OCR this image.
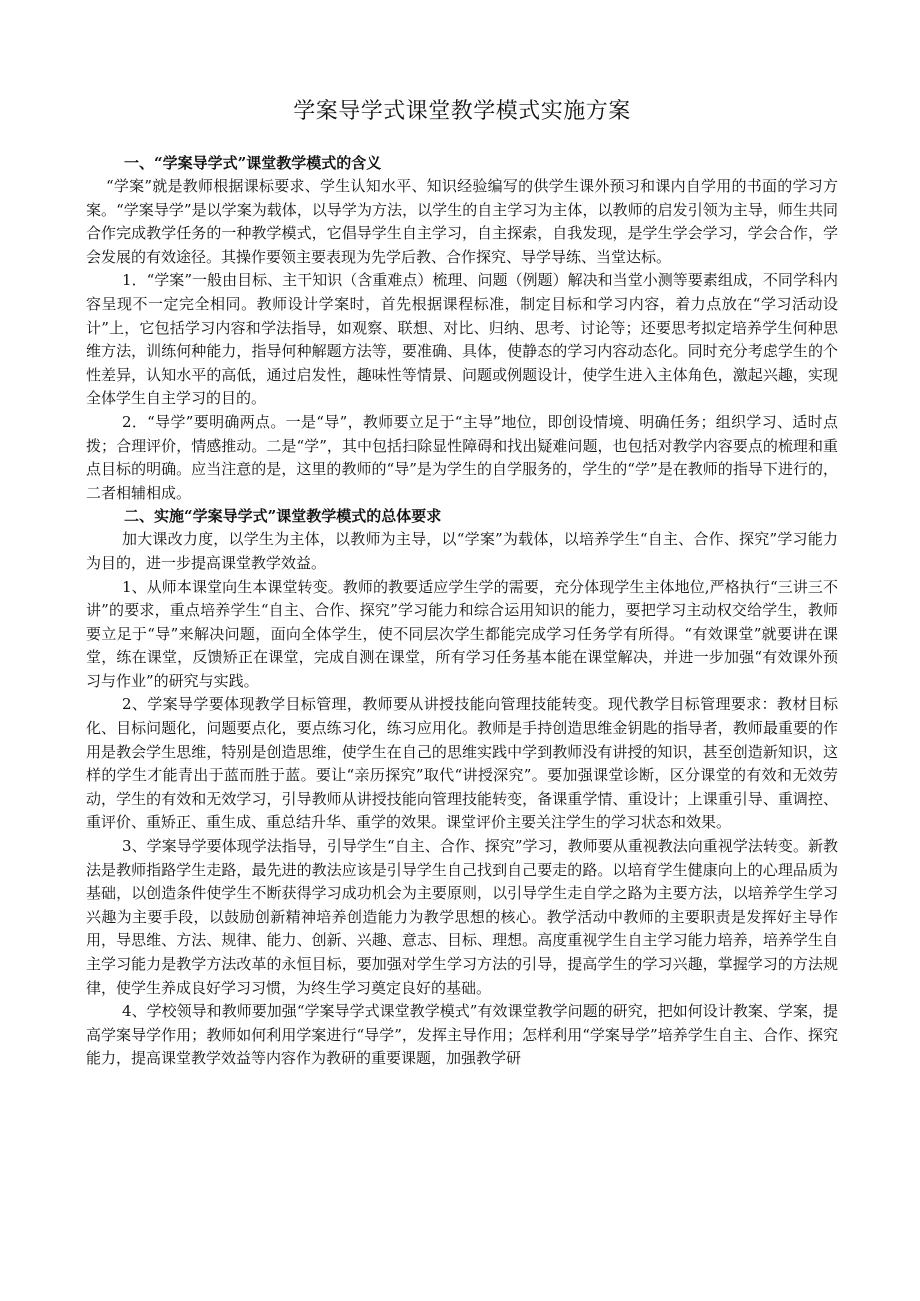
学案导学式课堂教学模式实施方案
一、“学案导学式”课堂教学模式的含义

“学案”就是教师根据课标要求、学生认知水平、知识经验编写的供学生课外预习和课内自学用的书面的学习方案。“学案导学”是以学案为载体，以导学为方法，以学生的自主学习为主体，以教师的启发引领为主导，师生共同合作完成教学任务的一种教学模式，它倡导学生自主学习，自主探索，自我发现，是学生学会学习，学会合作，学会发展的有效途径。其操作要领主要表现为先学后教、合作探究、导学导练、当堂达标。

1．“学案”一般由目标、主干知识（含重难点）梳理、问题（例题）解决和当堂小测等要素组成，不同学科内容呈现不一定完全相同。教师设计学案时，首先根据课程标准，制定目标和学习内容，着力点放在“学习活动设计”上，它包括学习内容和学法指导，如观察、联想、对比、归纳、思考、讨论等；还要思考拟定培养学生何种思维方法，训练何种能力，指导何种解题方法等，要准确、具体，使静态的学习内容动态化。同时充分考虑学生的个性差异，认知水平的高低，通过启发性，趣味性等情景、问题或例题设计，使学生进入主体角色，激起兴趣，实现全体学生自主学习的目的。

2．“导学”要明确两点。一是“导”，教师要立足于“主导”地位，即创设情境、明确任务；组织学习、适时点拨；合理评价，情感推动。二是“学”，其中包括扫除显性障碍和找出疑难问题，也包括对教学内容要点的梳理和重点目标的明确。应当注意的是，这里的教师的“导”是为学生的自学服务的，学生的“学”是在教师的指导下进行的，二者相辅相成。

二、实施“学案导学式”课堂教学模式的总体要求

加大课改力度，以学生为主体，以教师为主导，以“学案”为载体，以培养学生“自主、合作、探究”学习能力为目的，进一步提高课堂教学效益。

1、从师本课堂向生本课堂转变。教师的教要适应学生学的需要，充分体现学生主体地位,严格执行“三讲三不讲”的要求，重点培养学生“自主、合作、探究”学习能力和综合运用知识的能力，要把学习主动权交给学生，教师要立足于“导”来解决问题，面向全体学生，使不同层次学生都能完成学习任务学有所得。“有效课堂”就要讲在课堂，练在课堂，反馈矫正在课堂，完成自测在课堂，所有学习任务基本能在课堂解决，并进一步加强“有效课外预习与作业”的研究与实践。

2、学案导学要体现教学目标管理，教师要从讲授技能向管理技能转变。现代教学目标管理要求：教材目标化、目标问题化，问题要点化，要点练习化，练习应用化。教师是手持创造思维金钥匙的指导者，教师最重要的作用是教会学生思维，特别是创造思维，使学生在自己的思维实践中学到教师没有讲授的知识，甚至创造新知识，这样的学生才能青出于蓝而胜于蓝。要让“亲历探究”取代“讲授深究”。要加强课堂诊断，区分课堂的有效和无效劳动，学生的有效和无效学习，引导教师从讲授技能向管理技能转变，备课重学情、重设计；上课重引导、重调控、重评价、重矫正、重生成、重总结升华、重学的效果。课堂评价主要关注学生的学习状态和效果。

3、学案导学要体现学法指导，引导学生“自主、合作、探究”学习，教师要从重视教法向重视学法转变。新教法是教师指路学生走路，最先进的教法应该是引导学生自己找到自己要走的路。以培育学生健康向上的心理品质为基础，以创造条件使学生不断获得学习成功机会为主要原则，以引导学生走自学之路为主要方法，以培养学生学习兴趣为主要手段，以鼓励创新精神培养创造能力为教学思想的核心。教学活动中教师的主要职责是发挥好主导作用，导思维、方法、规律、能力、创新、兴趣、意志、目标、理想。高度重视学生自主学习能力培养，培养学生自主学习能力是教学方法改革的永恒目标，要加强对学生学习方法的引导，提高学生的学习兴趣，掌握学习的方法规律，使学生养成良好学习习惯，为终生学习奠定良好的基础。

4、学校领导和教师要加强“学案导学式课堂教学模式”有效课堂教学问题的研究，把如何设计教案、学案，提高学案导学作用；教师如何利用学案进行“导学”，发挥主导作用；怎样利用“学案导学”培养学生自主、合作、探究能力，提高课堂教学效益等内容作为教研的重要课题，加强教学研
